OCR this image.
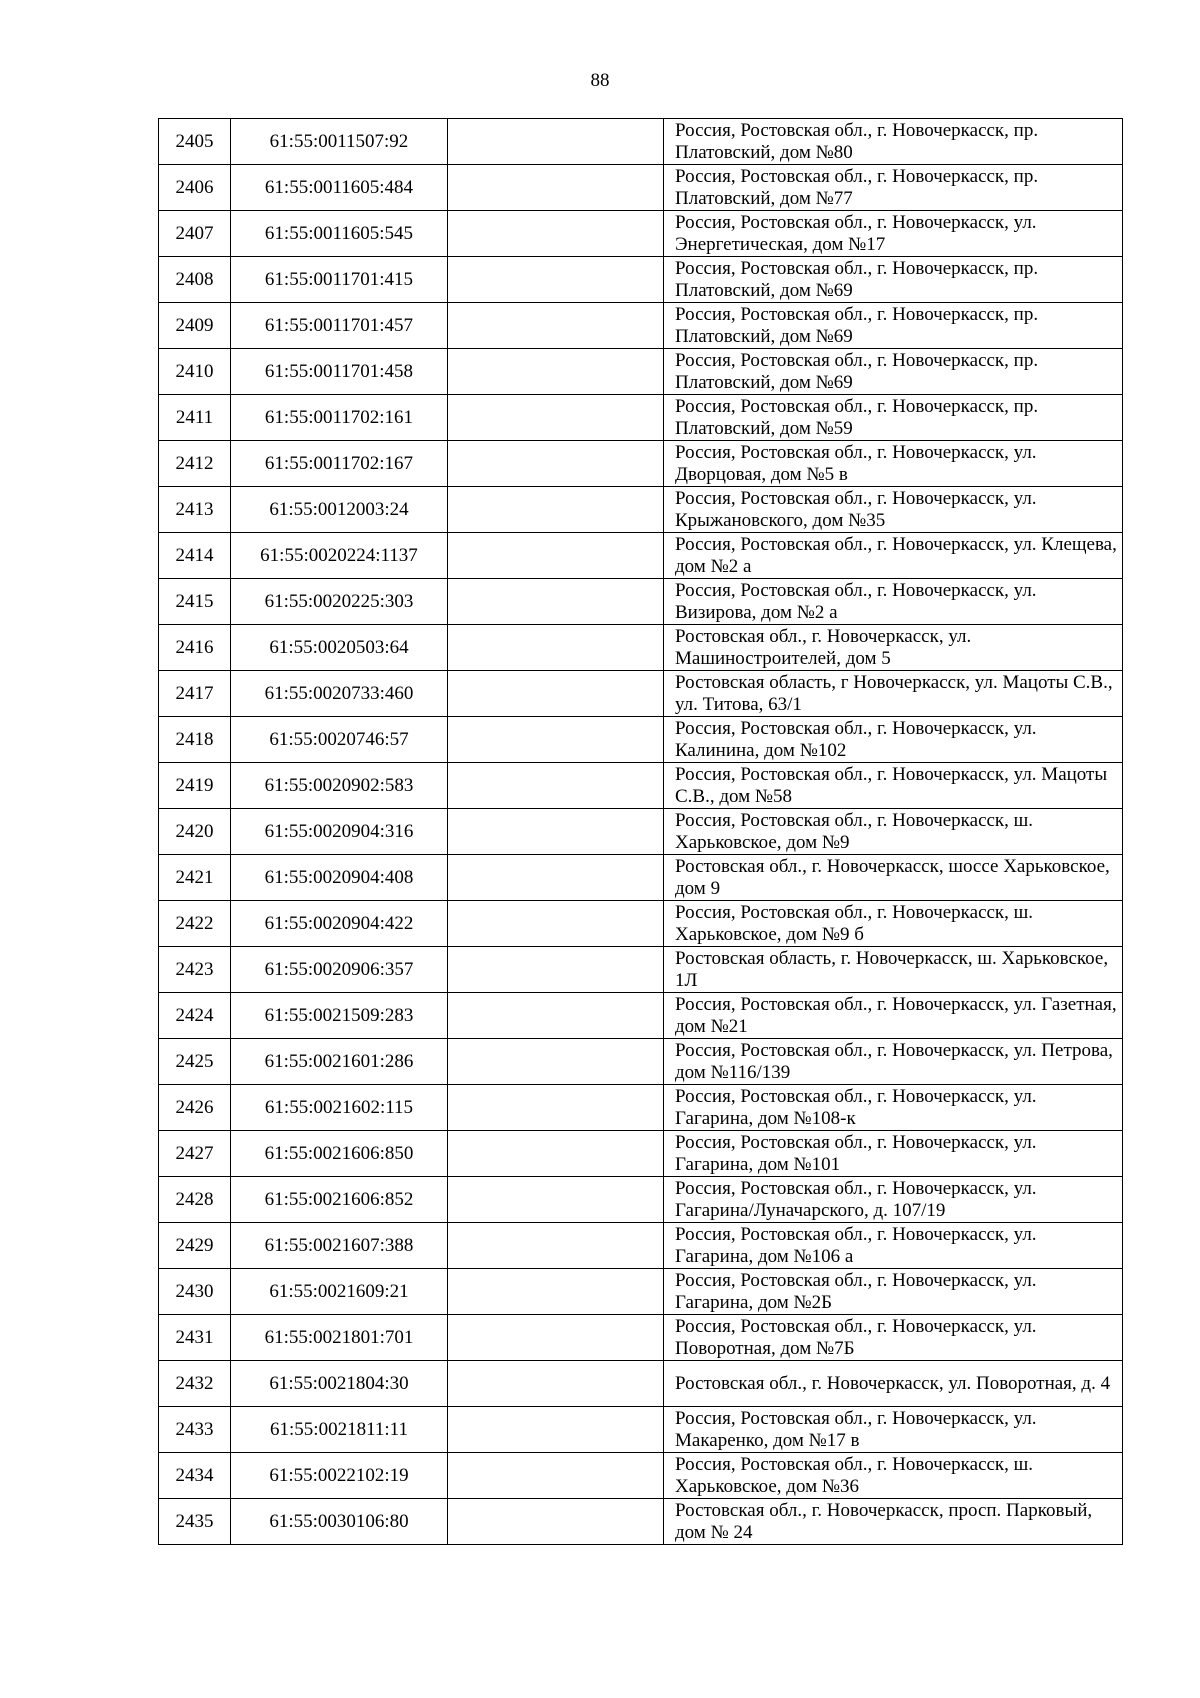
88
2405	61:55:0011507:92		Россия, Ростовская обл., г. Новочеркасск, пр. Платовский, дом №80
2406	61:55:0011605:484		Россия, Ростовская обл., г. Новочеркасск, пр. Платовский, дом №77
2407	61:55:0011605:545		Россия, Ростовская обл., г. Новочеркасск, ул. Энергетическая, дом №17
2408	61:55:0011701:415		Россия, Ростовская обл., г. Новочеркасск, пр. Платовский, дом №69
2409	61:55:0011701:457		Россия, Ростовская обл., г. Новочеркасск, пр. Платовский, дом №69
2410	61:55:0011701:458		Россия, Ростовская обл., г. Новочеркасск, пр. Платовский, дом №69
2411	61:55:0011702:161		Россия, Ростовская обл., г. Новочеркасск, пр. Платовский, дом №59
2412	61:55:0011702:167		Россия, Ростовская обл., г. Новочеркасск, ул. Дворцовая, дом №5 в
2413	61:55:0012003:24		Россия, Ростовская обл., г. Новочеркасск, ул. Крыжановского, дом №35
2414	61:55:0020224:1137		Россия, Ростовская обл., г. Новочеркасск, ул. Клещева, дом №2 а
2415	61:55:0020225:303		Россия, Ростовская обл., г. Новочеркасск, ул. Визирова, дом №2 а
2416	61:55:0020503:64		Ростовская обл., г. Новочеркасск, ул. Машиностроителей, дом 5
2417	61:55:0020733:460		Ростовская область, г Новочеркасск, ул. Мацоты С.В., ул. Титова, 63/1
2418	61:55:0020746:57		Россия, Ростовская обл., г. Новочеркасск, ул. Калинина, дом №102
2419	61:55:0020902:583		Россия, Ростовская обл., г. Новочеркасск, ул. Мацоты С.В., дом №58
2420	61:55:0020904:316		Россия, Ростовская обл., г. Новочеркасск, ш. Харьковское, дом №9
2421	61:55:0020904:408		Ростовская обл., г. Новочеркасск, шоссе Харьковское, дом 9
2422	61:55:0020904:422		Россия, Ростовская обл., г. Новочеркасск, ш. Харьковское, дом №9 б
2423	61:55:0020906:357		Ростовская область, г. Новочеркасск, ш. Харьковское, 1Л
2424	61:55:0021509:283		Россия, Ростовская обл., г. Новочеркасск, ул. Газетная, дом №21
2425	61:55:0021601:286		Россия, Ростовская обл., г. Новочеркасск, ул. Петрова, дом №116/139
2426	61:55:0021602:115		Россия, Ростовская обл., г. Новочеркасск, ул. Гагарина, дом №108-к
2427	61:55:0021606:850		Россия, Ростовская обл., г. Новочеркасск, ул. Гагарина, дом №101
2428	61:55:0021606:852		Россия, Ростовская обл., г. Новочеркасск, ул. Гагарина/Луначарского, д. 107/19
2429	61:55:0021607:388		Россия, Ростовская обл., г. Новочеркасск, ул. Гагарина, дом №106 а
2430	61:55:0021609:21		Россия, Ростовская обл., г. Новочеркасск, ул. Гагарина, дом №2Б
2431	61:55:0021801:701		Россия, Ростовская обл., г. Новочеркасск, ул. Поворотная, дом №7Б
2432	61:55:0021804:30		Ростовская обл., г. Новочеркасск, ул. Поворотная, д. 4
2433	61:55:0021811:11		Россия, Ростовская обл., г. Новочеркасск, ул. Макаренко, дом №17 в
2434	61:55:0022102:19		Россия, Ростовская обл., г. Новочеркасск, ш. Харьковское, дом №36
2435	61:55:0030106:80		Ростовская обл., г. Новочеркасск, просп. Парковый, дом № 24
